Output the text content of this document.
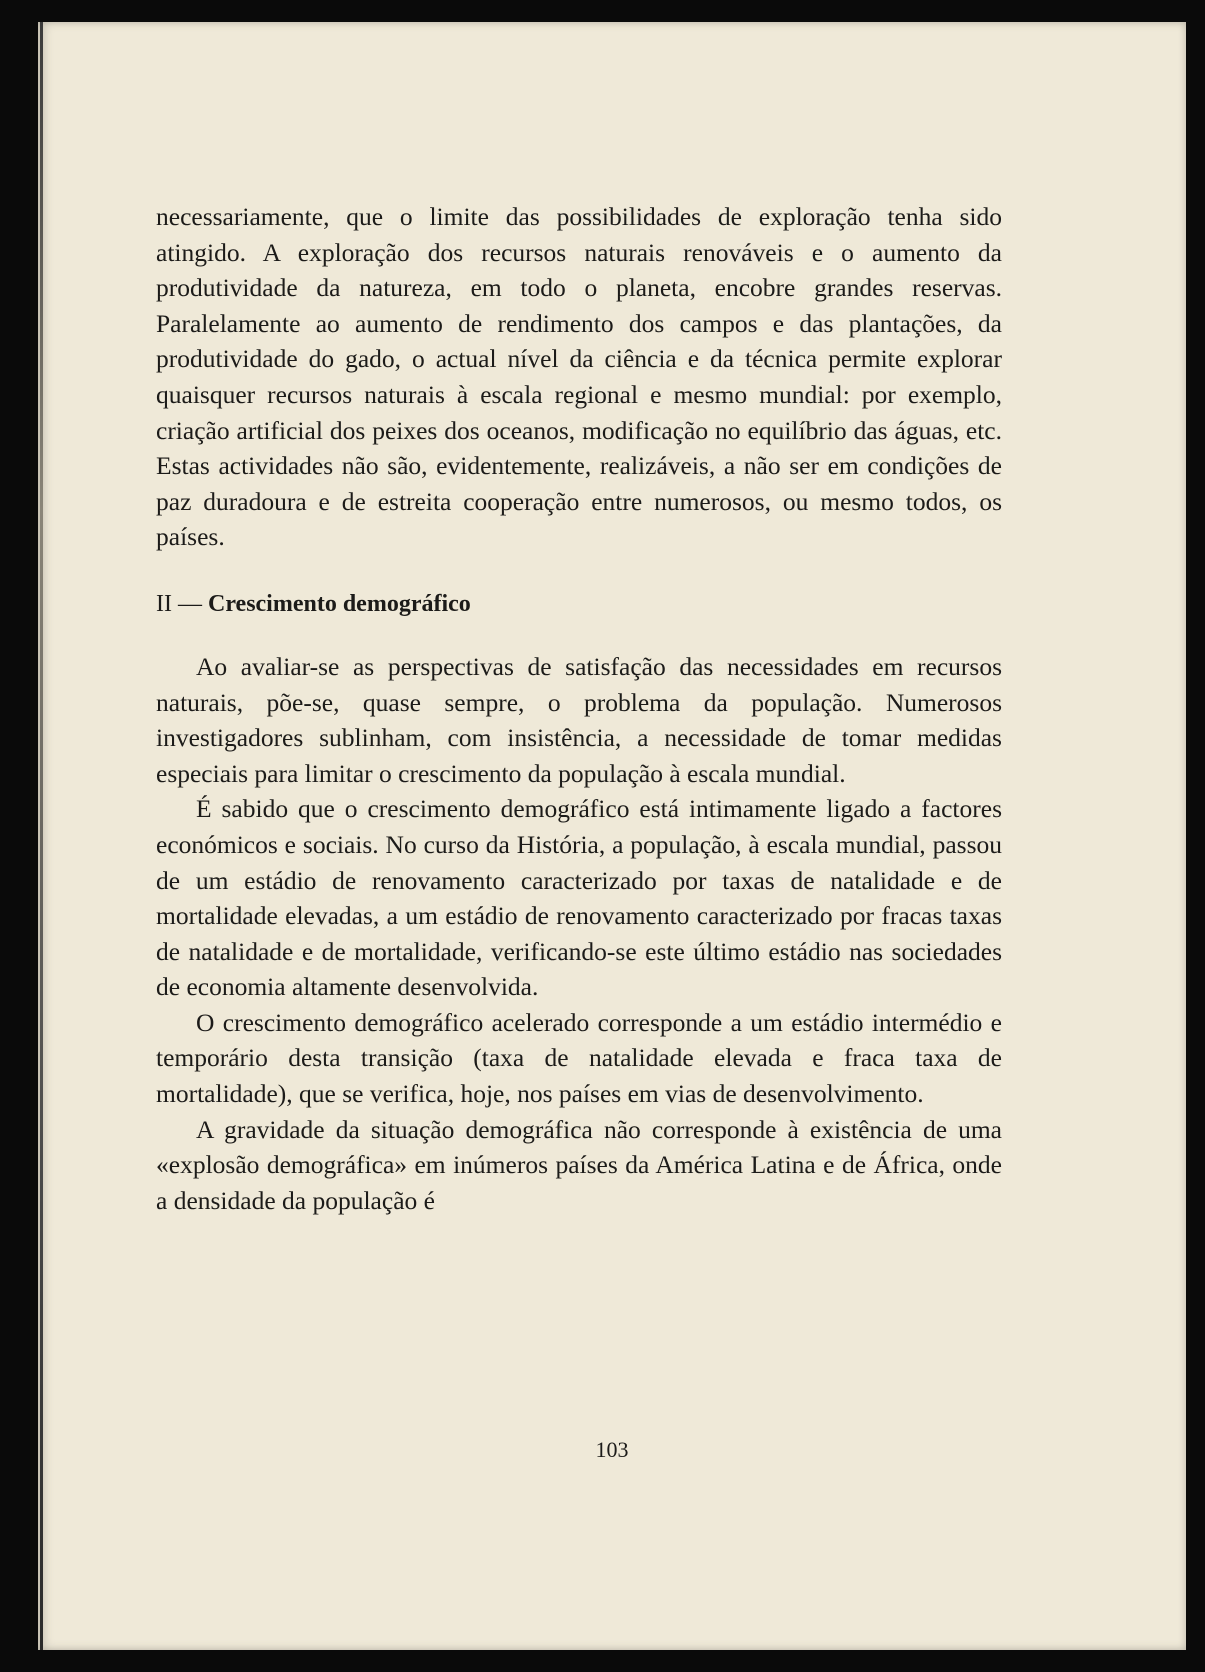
necessariamente, que o limite das possibilidades de exploração tenha sido atingido. A exploração dos recursos naturais renováveis e o aumento da produtividade da natureza, em todo o planeta, encobre grandes reservas. Paralelamente ao aumento de rendimento dos campos e das plantações, da produtividade do gado, o actual nível da ciência e da técnica permite explorar quaisquer recursos naturais à escala regional e mesmo mundial: por exemplo, criação artificial dos peixes dos oceanos, modificação no equilíbrio das águas, etc. Estas actividades não são, evidentemente, realizáveis, a não ser em condições de paz duradoura e de estreita cooperação entre numerosos, ou mesmo todos, os países.

II — Crescimento demográfico

Ao avaliar-se as perspectivas de satisfação das necessidades em recursos naturais, põe-se, quase sempre, o problema da população. Numerosos investigadores sublinham, com insistência, a necessidade de tomar medidas especiais para limitar o crescimento da população à escala mundial.

É sabido que o crescimento demográfico está intimamente ligado a factores económicos e sociais. No curso da História, a população, à escala mundial, passou de um estádio de renovamento caracterizado por taxas de natalidade e de mortalidade elevadas, a um estádio de renovamento caracterizado por fracas taxas de natalidade e de mortalidade, verificando-se este último estádio nas sociedades de economia altamente desenvolvida.

O crescimento demográfico acelerado corresponde a um estádio intermédio e temporário desta transição (taxa de natalidade elevada e fraca taxa de mortalidade), que se verifica, hoje, nos países em vias de desenvolvimento.

A gravidade da situação demográfica não corresponde à existência de uma «explosão demográfica» em inúmeros países da América Latina e de África, onde a densidade da população é

103
